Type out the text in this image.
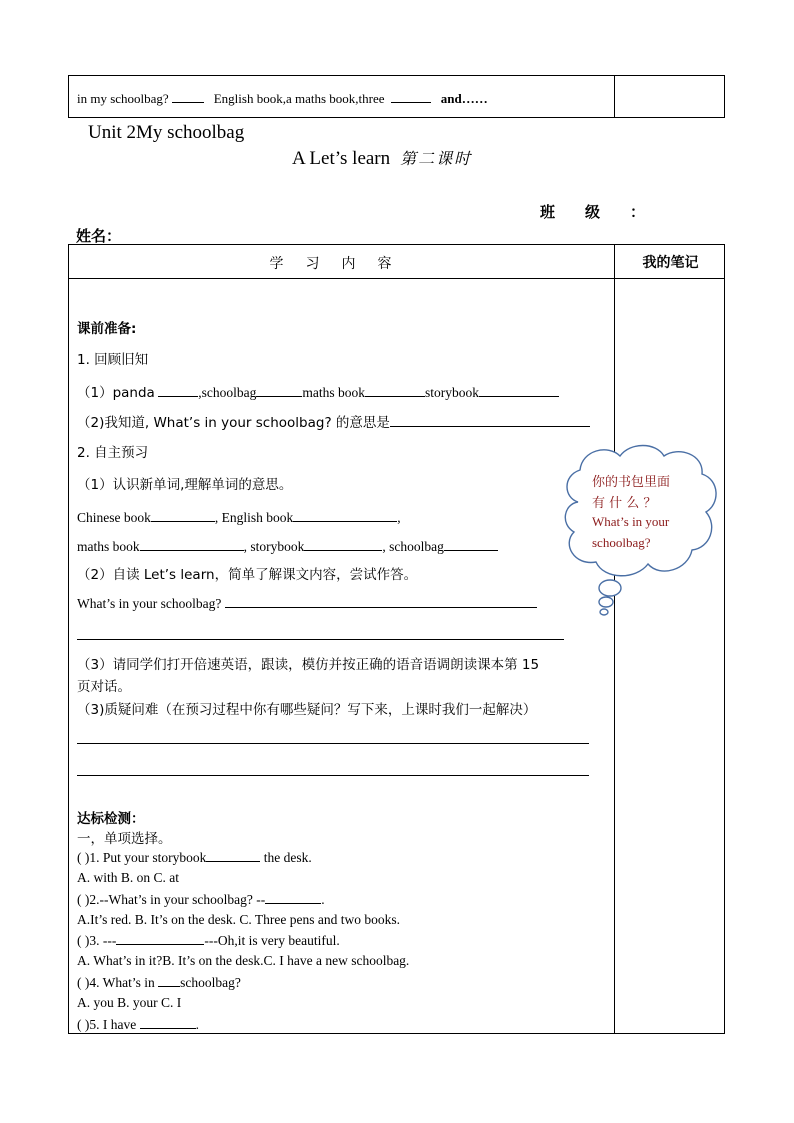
in my schoolbag?	English book,a maths book,three	and……
Unit 2My schoolbag
A Let’s learn 第二课时
班　　级　　：
姓名：
学习内容	我的笔记
课前准备:
1. 回顾旧知
（1）panda	,schoolbag	maths book	storybook
（2)我知道, What’s in your schoolbag? 的意思是
2. 自主预习
（1）认识新单词,理解单词的意思。
Chinese book	, English book	,
maths book	, storybook	, schoolbag
（2）自读 Let’s learn，简单了解课文内容，尝试作答。
What’s in your schoolbag?
（3）请同学们打开倍速英语，跟读，模仿并按正确的语音语调朗读课本第 15
页对话。
（3)质疑问难（在预习过程中你有哪些疑问？写下来，上课时我们一起解决）
达标检测：
一，单项选择。
( )1. Put your storybook	the desk.
A. with B. on C. at
( )2.--What’s in your schoolbag? --	.
A.It’s red. B. It’s on the desk. C. Three pens and two books.
( )3. ---	---Oh,it is very beautiful.
A. What’s in it?B. It’s on the desk.C. I have a new schoolbag.
( )4. What’s in schoolbag?
A. you B. your C. I
( )5. I have	.
你的书包里面
有 什 么 ？
What’s in your
schoolbag?
